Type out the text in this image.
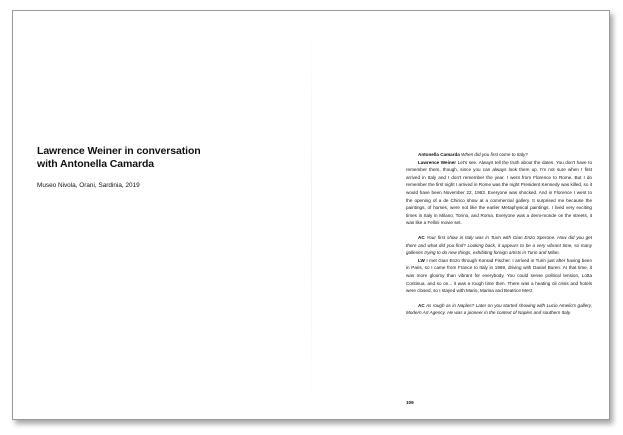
Lawrence Weiner in conversation
with Antonella Camarda

Museo Nivola, Orani, Sardinia, 2019

Antonella Camarda When did you first come to Italy?

Lawrence Weiner Let's see. Always tell the truth about the dates. You don't have to remember them, though, since you can always look them up. I'm not sure when I first arrived in Italy and I don't remember the year. I went from Florence to Rome. But I do remember the first night I arrived in Rome was the night President Kennedy was killed, so it would have been November 22, 1963. Everyone was shocked. And in Florence I went to the opening of a de Chirico show at a commercial gallery. It surprised me because the paintings, of horses, were not like the earlier Metaphysical paintings. I lived very exciting times in Italy in Milano, Torino, and Roma. Everyone was a demi-monde on the streets, it was like a Fellini movie set.

AC Your first show in Italy was in Turin with Gian Enzo Sperone. How did you get there and what did you find? Looking back, it appears to be a very vibrant time, so many galleries trying to do new things, exhibiting foreign artists in Turin and Milan.

LW I met Gian Enzo through Konrad Fischer. I arrived in Turin just after having been in Paris, so I came from France to Italy in 1969, driving with Daniel Buren. At that time, it was more gloomy than vibrant for everybody. You could sense political tension, Lotta Continua, and so on... it was a rough time then. There was a heating oil crisis and hotels were closed, so I stayed with Mario, Marisa and Beatrice Merz.

AC As rough as in Naples? Later on you started showing with Lucio Amelio's gallery, Modern Art Agency. He was a pioneer in the context of Naples and southern Italy.

109
